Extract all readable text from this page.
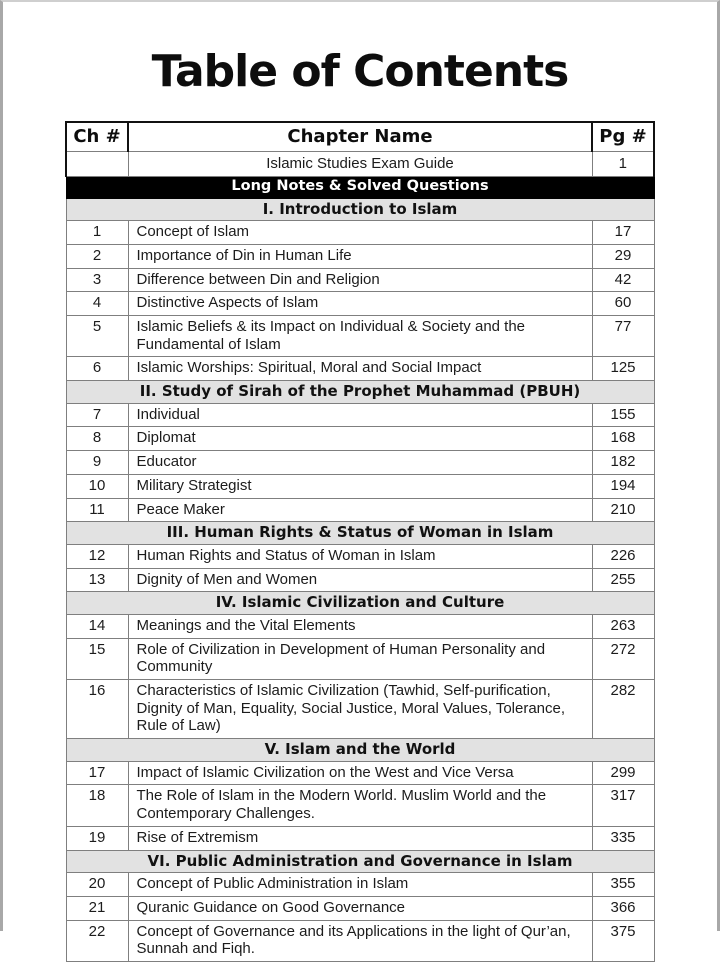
Table of Contents
Ch #	Chapter Name	Pg #
	Islamic Studies Exam Guide	1
Long Notes & Solved Questions		
I. Introduction to Islam		
1	Concept of Islam	17
2	Importance of Din in Human Life	29
3	Difference between Din and Religion	42
4	Distinctive Aspects of Islam	60
5	Islamic Beliefs & its Impact on Individual & Society and the Fundamental of Islam	77
6	Islamic Worships: Spiritual, Moral and Social Impact	125
II. Study of Sirah of the Prophet Muhammad (PBUH)		
7	Individual	155
8	Diplomat	168
9	Educator	182
10	Military Strategist	194
11	Peace Maker	210
III. Human Rights & Status of Woman in Islam		
12	Human Rights and Status of Woman in Islam	226
13	Dignity of Men and Women	255
IV. Islamic Civilization and Culture		
14	Meanings and the Vital Elements	263
15	Role of Civilization in Development of Human Personality and Community	272
16	Characteristics of Islamic Civilization (Tawhid, Self-purification, Dignity of Man, Equality, Social Justice, Moral Values, Tolerance, Rule of Law)	282
V. Islam and the World		
17	Impact of Islamic Civilization on the West and Vice Versa	299
18	The Role of Islam in the Modern World. Muslim World and the Contemporary Challenges.	317
19	Rise of Extremism	335
VI. Public Administration and Governance in Islam		
20	Concept of Public Administration in Islam	355
21	Quranic Guidance on Good Governance	366
22	Concept of Governance and its Applications in the light of Qur’an, Sunnah and Fiqh.	375
